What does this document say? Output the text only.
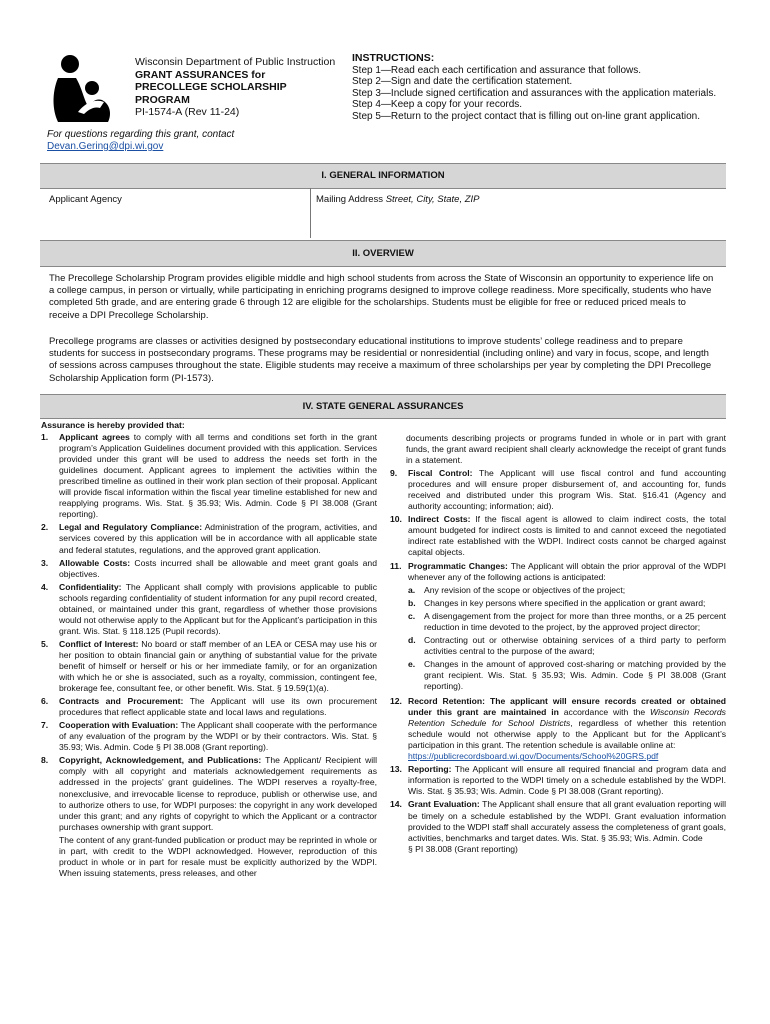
Wisconsin Department of Public Instruction
GRANT ASSURANCES for
PRECOLLEGE SCHOLARSHIP
PROGRAM
PI-1574-A (Rev 11-24)
INSTRUCTIONS:
Step 1—Read each each certification and assurance that follows.
Step 2—Sign and date the certification statement.
Step 3—Include signed certification and assurances with the application materials.
Step 4—Keep a copy for your records.
Step 5—Return to the project contact that is filling out on-line grant application.
For questions regarding this grant, contact
Devan.Gering@dpi.wi.gov
I. GENERAL INFORMATION
Applicant Agency	Mailing Address Street, City, State, ZIP
II. OVERVIEW
The Precollege Scholarship Program provides eligible middle and high school students from across the State of Wisconsin an opportunity to experience life on a college campus, in person or virtually, while participating in enriching programs designed to improve college readiness. More specifically, students who have completed 5th grade, and are entering grade 6 through 12 are eligible for the scholarships. Students must be eligible for free or reduced priced meals to receive a DPI Precollege Scholarship.
Precollege programs are classes or activities designed by postsecondary educational institutions to improve students’ college readiness and to prepare students for success in postsecondary programs. These programs may be residential or nonresidential (including online) and vary in focus, scope, and length of sessions across campuses throughout the state. Eligible students may receive a maximum of three scholarships per year by completing the DPI Precollege Scholarship Application form (PI-1573).
IV. STATE GENERAL ASSURANCES
Assurance is hereby provided that:
1.	Applicant agrees to comply with all terms and conditions set forth in the grant program’s Application Guidelines document provided with this application. Services provided under this grant will be used to address the needs set forth in the guidelines document. Applicant agrees to implement the activities within the prescribed timeline as outlined in their work plan section of their proposal. Applicant will provide fiscal information within the fiscal year timeline established for new and reapplying programs. Wis. Stat. § 35.93; Wis. Admin. Code § PI 38.008 (Grant reporting).
2.	Legal and Regulatory Compliance: Administration of the program, activities, and services covered by this application will be in accordance with all applicable state and federal statutes, regulations, and the approved grant application.
3.	Allowable Costs: Costs incurred shall be allowable and meet grant goals and objectives.
4.	Confidentiality: The Applicant shall comply with provisions applicable to public schools regarding confidentiality of student information for any pupil record created, obtained, or maintained under this grant, regardless of whether those provisions would not otherwise apply to the Applicant but for the Applicant’s participation in this grant. Wis. Stat. § 118.125 (Pupil records).
5.	Conflict of Interest: No board or staff member of an LEA or CESA may use his or her position to obtain financial gain or anything of substantial value for the private benefit of himself or herself or his or her immediate family, or for an organization with which he or she is associated, such as a royalty, commission, contingent fee, brokerage fee, consultant fee, or other benefit. Wis. Stat. § 19.59(1)(a).
6.	Contracts and Procurement: The Applicant will use its own procurement procedures that reflect applicable state and local laws and regulations.
7.	Cooperation with Evaluation: The Applicant shall cooperate with the performance of any evaluation of the program by the WDPI or by their contractors. Wis. Stat. § 35.93; Wis. Admin. Code § PI 38.008 (Grant reporting).
8.	Copyright, Acknowledgement, and Publications: The Applicant/ Recipient will comply with all copyright and materials acknowledgement requirements as addressed in the projects’ grant guidelines. The WDPI reserves a royalty-free, nonexclusive, and irrevocable license to reproduce, publish or otherwise use, and to authorize others to use, for WDPI purposes: the copyright in any work developed under this grant; and any rights of copyright to which the Applicant or a contractor purchases ownership with grant support.
The content of any grant-funded publication or product may be reprinted in whole or in part, with credit to the WDPI acknowledged. However, reproduction of this product in whole or in part for resale must be explicitly authorized by the WDPI. When issuing statements, press releases, and other
documents describing projects or programs funded in whole or in part with grant funds, the grant award recipient shall clearly acknowledge the receipt of grant funds in a statement.
9.	Fiscal Control: The Applicant will use fiscal control and fund accounting procedures and will ensure proper disbursement of, and accounting for, funds received and distributed under this program Wis. Stat. §16.41 (Agency and authority accounting; information; aid).
10. Indirect Costs: If the fiscal agent is allowed to claim indirect costs, the total amount budgeted for indirect costs is limited to and cannot exceed the negotiated indirect rate established with the WDPI. Indirect costs cannot be charged against capital objects.
11. Programmatic Changes: The Applicant will obtain the prior approval of the WDPI whenever any of the following actions is anticipated:
a.	Any revision of the scope or objectives of the project;
b. Changes in key persons where specified in the application or grant award;
c.	A disengagement from the project for more than three months, or a 25 percent reduction in time devoted to the project, by the approved project director;
d. Contracting out or otherwise obtaining services of a third party to perform activities central to the purpose of the award;
e.	Changes in the amount of approved cost-sharing or matching provided by the grant recipient. Wis. Stat. § 35.93; Wis. Admin. Code § PI 38.008 (Grant reporting).
12. Record Retention: The applicant will ensure records created or obtained under this grant are maintained in accordance with the Wisconsin Records Retention Schedule for School Districts, regardless of whether this retention schedule would not otherwise apply to the Applicant but for the Applicant’s participation in this grant. The retention schedule is available online at:
https://publicrecordsboard.wi.gov/Documents/School%20GRS.pdf
13. Reporting: The Applicant will ensure all required financial and program data and information is reported to the WDPI timely on a schedule established by the WDPI. Wis. Stat. § 35.93; Wis. Admin. Code § PI 38.008 (Grant reporting).
14. Grant Evaluation: The Applicant shall ensure that all grant evaluation reporting will be timely on a schedule established by the WDPI. Grant evaluation information provided to the WDPI staff shall accurately assess the completeness of grant goals, activities, benchmarks and target dates. Wis. Stat. § 35.93; Wis. Admin. Code
§ PI 38.008 (Grant reporting)
